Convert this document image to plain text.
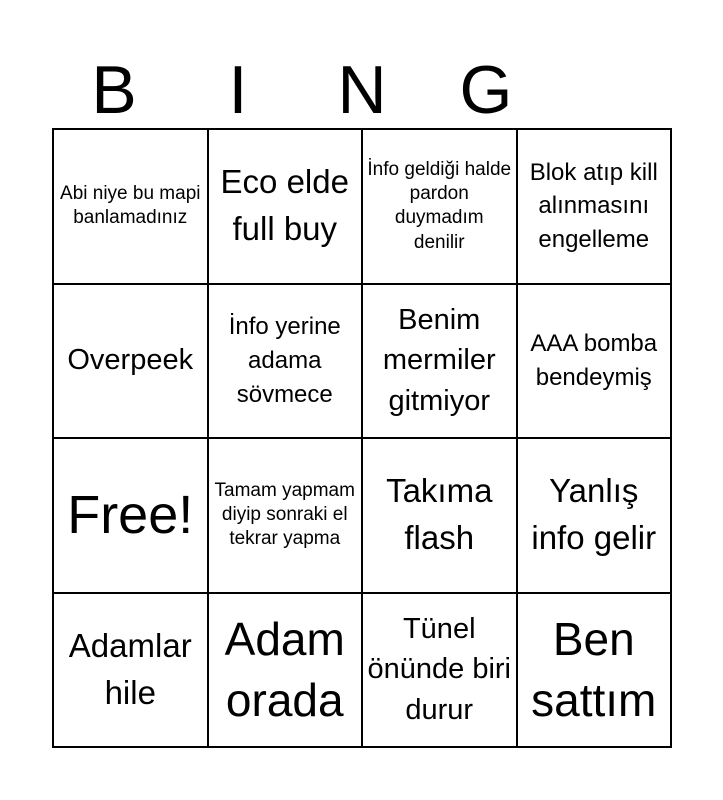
B	I	N	G
Abi niye bu mapi banlamadınız
Eco elde full buy
İnfo geldiği halde pardon duymadım denilir
Blok atıp kill alınmasını engelleme
Overpeek
İnfo yerine adama sövmece
Benim mermiler gitmiyor
AAA bomba bendeymiş
Free! Tamam yapmam diyip sonraki el tekrar yapma
Takıma flash
Yanlış info gelir
Adamlar hile
Adam orada
Tünel önünde biri durur
Ben sattım
